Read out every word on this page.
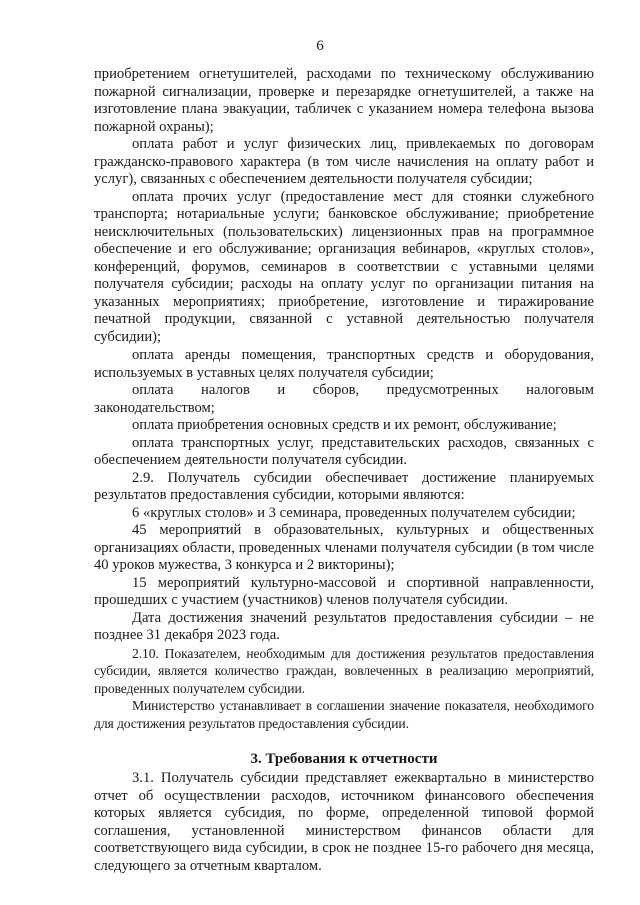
6

приобретением огнетушителей, расходами по техническому обслуживанию пожарной сигнализации, проверке и перезарядке огнетушителей, а также на изготовление плана эвакуации, табличек с указанием номера телефона вызова пожарной охраны);

оплата работ и услуг физических лиц, привлекаемых по договорам гражданско-правового характера (в том числе начисления на оплату работ и услуг), связанных с обеспечением деятельности получателя субсидии;

оплата прочих услуг (предоставление мест для стоянки служебного транспорта; нотариальные услуги; банковское обслуживание; приобретение неисключительных (пользовательских) лицензионных прав на программное обеспечение и его обслуживание; организация вебинаров, «круглых столов», конференций, форумов, семинаров в соответствии с уставными целями получателя субсидии; расходы на оплату услуг по организации питания на указанных мероприятиях; приобретение, изготовление и тиражирование печатной продукции, связанной с уставной деятельностью получателя субсидии);

оплата аренды помещения, транспортных средств и оборудования, используемых в уставных целях получателя субсидии;

оплата налогов и сборов, предусмотренных налоговым законодательством;

оплата приобретения основных средств и их ремонт, обслуживание;

оплата транспортных услуг, представительских расходов, связанных с обеспечением деятельности получателя субсидии.

2.9. Получатель субсидии обеспечивает достижение планируемых результатов предоставления субсидии, которыми являются:

6 «круглых столов» и 3 семинара, проведенных получателем субсидии;

45 мероприятий в образовательных, культурных и общественных организациях области, проведенных членами получателя субсидии (в том числе 40 уроков мужества, 3 конкурса и 2 викторины);

15 мероприятий культурно-массовой и спортивной направленности, прошедших с участием (участников) членов получателя субсидии.

Дата достижения значений результатов предоставления субсидии – не позднее 31 декабря 2023 года.

2.10. Показателем, необходимым для достижения результатов предоставления субсидии, является количество граждан, вовлеченных в реализацию мероприятий, проведенных получателем субсидии.

Министерство устанавливает в соглашении значение показателя, необходимого для достижения результатов предоставления субсидии.

3. Требования к отчетности

3.1. Получатель субсидии представляет ежеквартально в министерство отчет об осуществлении расходов, источником финансового обеспечения которых является субсидия, по форме, определенной типовой формой соглашения, установленной министерством финансов области для соответствующего вида субсидии, в срок не позднее 15-го рабочего дня месяца, следующего за отчетным кварталом.
